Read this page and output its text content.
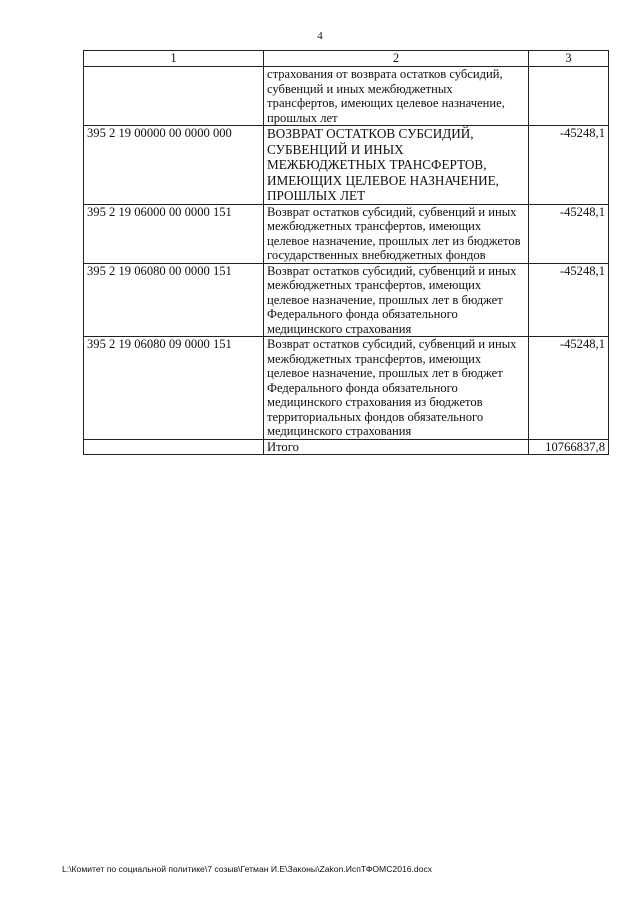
4
1	2	3
	страхования от возврата остатков субсидий, субвенций и иных межбюджетных трансфертов, имеющих целевое назначение, прошлых лет	
395 2 19 00000 00 0000 000	ВОЗВРАТ ОСТАТКОВ СУБСИДИЙ, СУБВЕНЦИЙ И ИНЫХ МЕЖБЮДЖЕТНЫХ ТРАНСФЕРТОВ, ИМЕЮЩИХ ЦЕЛЕВОЕ НАЗНАЧЕНИЕ, ПРОШЛЫХ ЛЕТ	-45248,1
395 2 19 06000 00 0000 151	Возврат остатков субсидий, субвенций и иных межбюджетных трансфертов, имеющих целевое назначение, прошлых лет из бюджетов государственных внебюджетных фондов	-45248,1
395 2 19 06080 00 0000 151	Возврат остатков субсидий, субвенций и иных межбюджетных трансфертов, имеющих целевое назначение, прошлых лет в бюджет Федерального фонда обязательного медицинского страхования	-45248,1
395 2 19 06080 09 0000 151	Возврат остатков субсидий, субвенций и иных межбюджетных трансфертов, имеющих целевое назначение, прошлых лет в бюджет Федерального фонда обязательного медицинского страхования из бюджетов территориальных фондов обязательного медицинского страхования	-45248,1
	Итого	10766837,8
L:\Комитет по социальной политике\7 созыв\Гетман И.Е\Законы\Zakon.ИспТФОМС2016.docx
